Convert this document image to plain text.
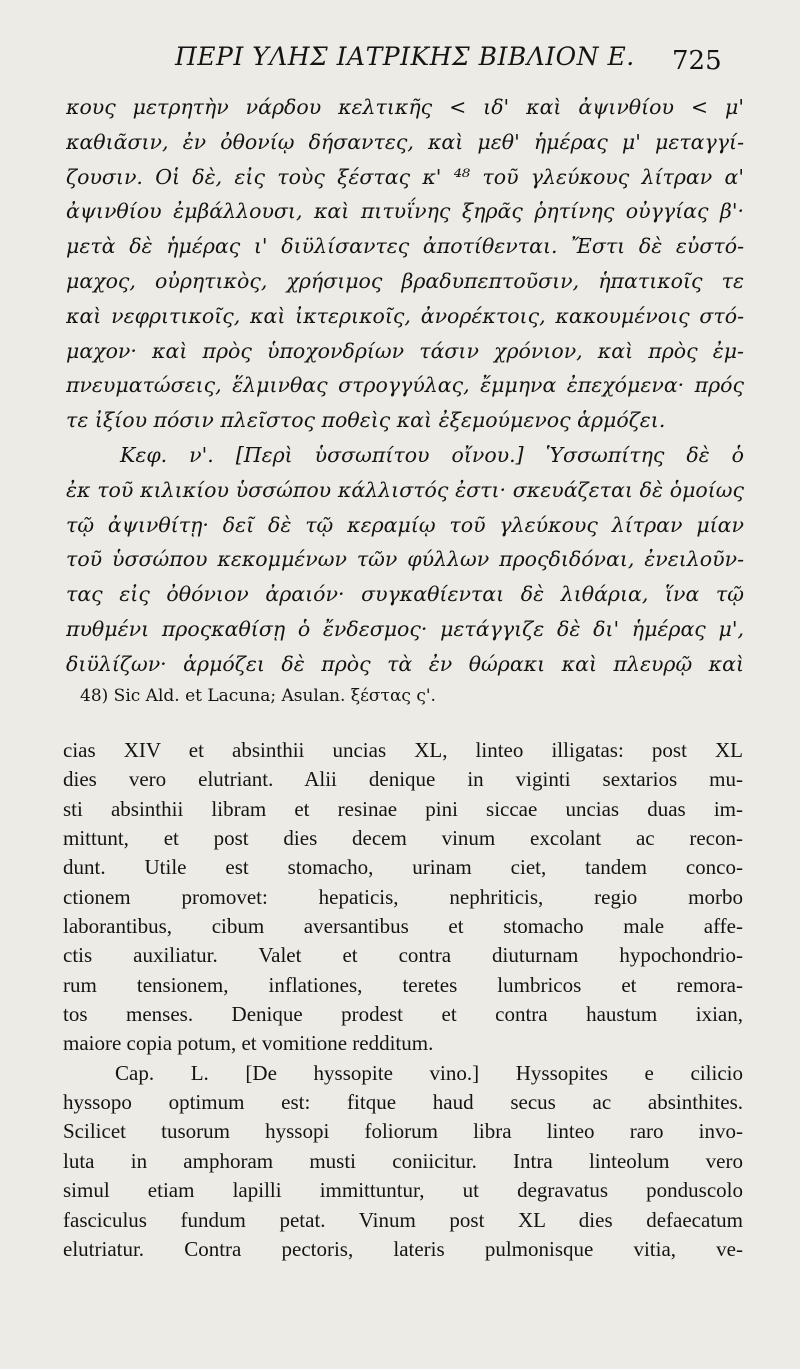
ΠΕΡΙ ΥΛΗΣ ΙΑΤΡΙΚΗΣ ΒΙΒΛΙΟΝ Ε. 725
κους μετρητὴν νάρδου κελτικῆς < ιδ' καὶ ἀψινθίου < μ'
καθιᾶσιν, ἐν ὀθονίῳ δήσαντες, καὶ μεθ' ἡμέρας μ' μεταγγί-
ζουσιν. Οἱ δὲ, εἰς τοὺς ξέστας κ' ⁴⁸ τοῦ γλεύκους λίτραν α'
ἀψινθίου ἐμβάλλουσι, καὶ πιτυΐνης ξηρᾶς ῥητίνης οὐγγίας β'·
μετὰ δὲ ἡμέρας ι' διϋλίσαντες ἀποτίθενται. Ἔστι δὲ εὐστό-
μαχος, οὐρητικὸς, χρήσιμος βραδυπεπτοῦσιν, ἡπατικοῖς τε
καὶ νεφριτικοῖς, καὶ ἰκτερικοῖς, ἀνορέκτοις, κακουμένοις στό-
μαχον· καὶ πρὸς ὑποχονδρίων τάσιν χρόνιον, καὶ πρὸς ἐμ-
πνευματώσεις, ἕλμινθας στρογγύλας, ἔμμηνα ἐπεχόμενα· πρός
τε ἰξίου πόσιν πλεῖστος ποθεὶς καὶ ἐξεμούμενος ἁρμόζει.
Κεφ. ν'. [Περὶ ὑσσωπίτου οἴνου.] Ὑσσωπίτης δὲ ὁ
ἐκ τοῦ κιλικίου ὑσσώπου κάλλιστός ἐστι· σκευάζεται δὲ ὁμοίως
τῷ ἀψινθίτῃ· δεῖ δὲ τῷ κεραμίῳ τοῦ γλεύκους λίτραν μίαν
τοῦ ὑσσώπου κεκομμένων τῶν φύλλων προςδιδόναι, ἐνειλοῦν-
τας εἰς ὀθόνιον ἀραιόν· συγκαθίενται δὲ λιθάρια, ἵνα τῷ
πυθμένι προςκαθίσῃ ὁ ἔνδεσμος· μετάγγιζε δὲ δι' ἡμέρας μ',
διϋλίζων· ἁρμόζει δὲ πρὸς τὰ ἐν θώρακι καὶ πλευρῷ καὶ
48) Sic Ald. et Lacuna; Asulan. ξέστας ς'.
cias XIV et absinthii uncias XL, linteo illigatas: post XL
dies vero elutriant. Alii denique in viginti sextarios mu-
sti absinthii libram et resinae pini siccae uncias duas im-
mittunt, et post dies decem vinum excolant ac recon-
dunt. Utile est stomacho, urinam ciet, tandem conco-
ctionem promovet: hepaticis, nephriticis, regio morbo
laborantibus, cibum aversantibus et stomacho male affe-
ctis auxiliatur. Valet et contra diuturnam hypochondrio-
rum tensionem, inflationes, teretes lumbricos et remora-
tos menses. Denique prodest et contra haustum ixian,
maiore copia potum, et vomitione redditum.
Cap. L. [De hyssopite vino.] Hyssopites e cilicio
hyssopo optimum est: fitque haud secus ac absinthites.
Scilicet tusorum hyssopi foliorum libra linteo raro invo-
luta in amphoram musti coniicitur. Intra linteolum vero
simul etiam lapilli immittuntur, ut degravatus ponduscolo
fasciculus fundum petat. Vinum post XL dies defaecatum
elutriatur. Contra pectoris, lateris pulmonisque vitia, ve-
